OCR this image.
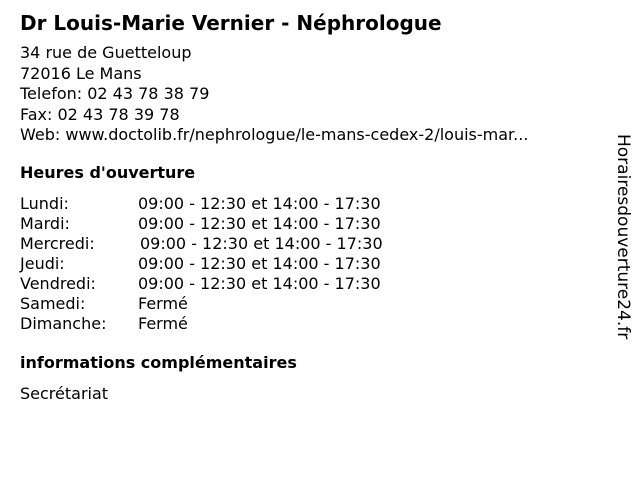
Dr Louis-Marie Vernier - Néphrologue
34 rue de Guetteloup
72016 Le Mans
Telefon: 02 43 78 38 79
Fax: 02 43 78 39 78
Web: www.doctolib.fr/nephrologue/le-mans-cedex-2/louis-mar...
Heures d'ouverture
Lundi:	09:00 - 12:30 et 14:00 - 17:30
Mardi:	09:00 - 12:30 et 14:00 - 17:30
Mercredi:	09:00 - 12:30 et 14:00 - 17:30
Jeudi:	09:00 - 12:30 et 14:00 - 17:30
Vendredi:	09:00 - 12:30 et 14:00 - 17:30
Samedi:	Fermé
Dimanche: Fermé
informations complémentaires
Secrétariat
Horairesdouverture24.fr
